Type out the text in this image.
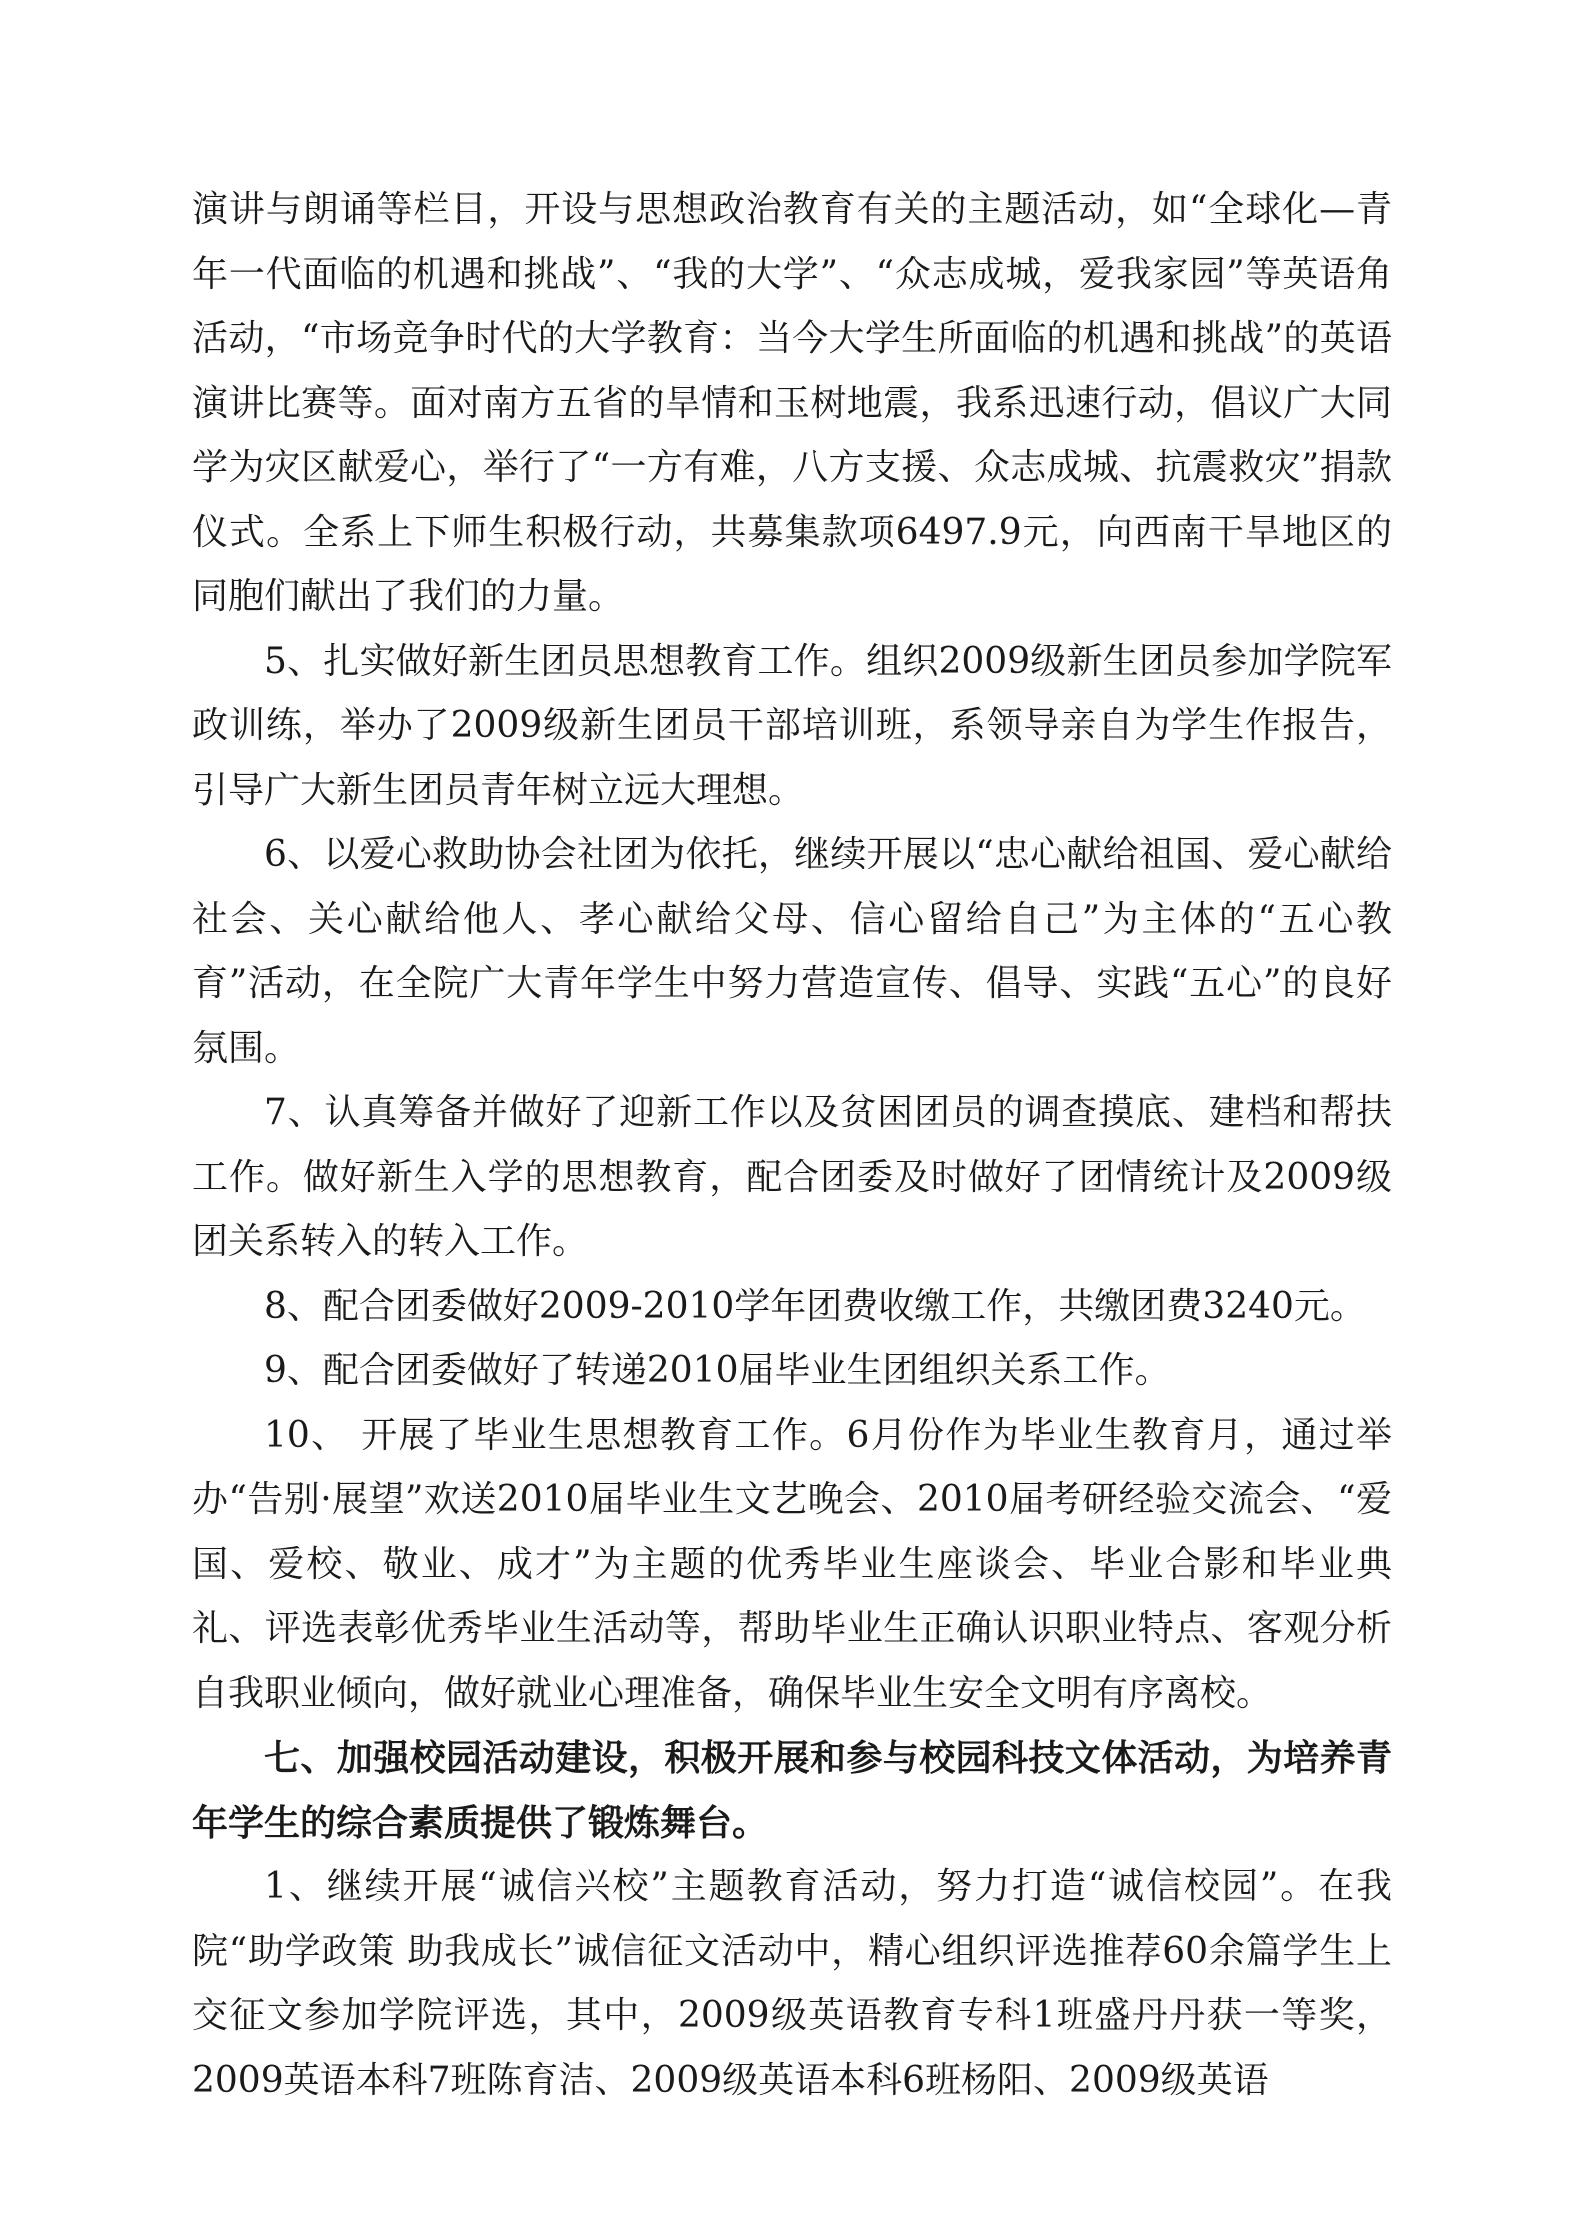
演讲与朗诵等栏目，开设与思想政治教育有关的主题活动，如“全球化—青年一代面临的机遇和挑战”、“我的大学”、“众志成城，爱我家园”等英语角活动，“市场竞争时代的大学教育：当今大学生所面临的机遇和挑战”的英语演讲比赛等。面对南方五省的旱情和玉树地震，我系迅速行动，倡议广大同学为灾区献爱心，举行了“一方有难，八方支援、众志成城、抗震救灾”捐款仪式。全系上下师生积极行动，共募集款项6497.9元，向西南干旱地区的同胞们献出了我们的力量。

5、扎实做好新生团员思想教育工作。组织2009级新生团员参加学院军政训练，举办了2009级新生团员干部培训班，系领导亲自为学生作报告，引导广大新生团员青年树立远大理想。

6、以爱心救助协会社团为依托，继续开展以“忠心献给祖国、爱心献给社会、关心献给他人、孝心献给父母、信心留给自己”为主体的“五心教育”活动，在全院广大青年学生中努力营造宣传、倡导、实践“五心”的良好氛围。

7、认真筹备并做好了迎新工作以及贫困团员的调查摸底、建档和帮扶工作。做好新生入学的思想教育，配合团委及时做好了团情统计及2009级团关系转入的转入工作。

8、配合团委做好2009-2010学年团费收缴工作，共缴团费3240元。

9、配合团委做好了转递2010届毕业生团组织关系工作。

10、 开展了毕业生思想教育工作。6月份作为毕业生教育月，通过举办“告别·展望”欢送2010届毕业生文艺晚会、2010届考研经验交流会、“爱国、爱校、敬业、成才”为主题的优秀毕业生座谈会、毕业合影和毕业典礼、评选表彰优秀毕业生活动等，帮助毕业生正确认识职业特点、客观分析自我职业倾向，做好就业心理准备，确保毕业生安全文明有序离校。

七、加强校园活动建设，积极开展和参与校园科技文体活动，为培养青年学生的综合素质提供了锻炼舞台。

1、继续开展“诚信兴校”主题教育活动，努力打造“诚信校园”。在我院“助学政策 助我成长”诚信征文活动中，精心组织评选推荐60余篇学生上交征文参加学院评选，其中，2009级英语教育专科1班盛丹丹获一等奖，2009英语本科7班陈育洁、2009级英语本科6班杨阳、2009级英语
